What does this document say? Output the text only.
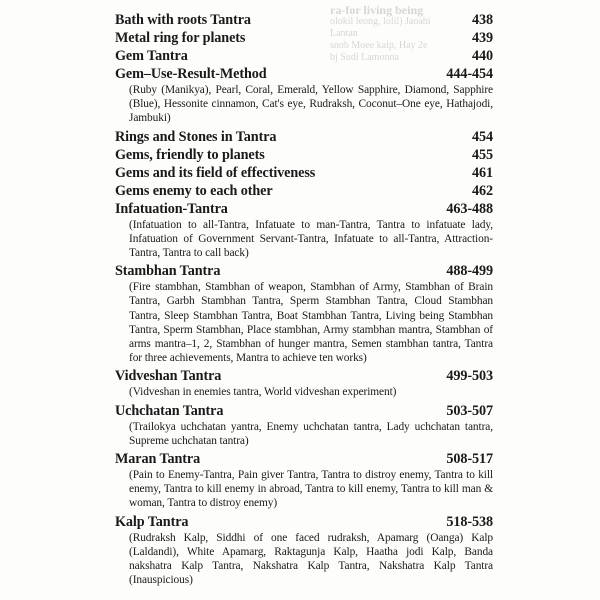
ra-for living being
olokil leong, lolil) Jaoahi Lantan
snob Moee kaip, Hay 2e
bj Sudi Lamonna
Bath with roots Tantra	438
Metal ring for planets	439
Gem Tantra	440
Gem–Use-Result-Method	444-454
(Ruby (Manikya), Pearl, Coral, Emerald, Yellow Sapphire, Diamond, Sapphire (Blue), Hessonite cinnamon, Cat's eye, Rudraksh, Coconut–One eye, Hathajodi, Jambuki)
Rings and Stones in Tantra	454
Gems, friendly to planets	455
Gems and its field of effectiveness	461
Gems enemy to each other	462
Infatuation-Tantra	463-488
(Infatuation to all-Tantra, Infatuate to man-Tantra, Tantra to infatuate lady, Infatuation of Government Servant-Tantra, Infatuate to all-Tantra, Attraction-Tantra, Tantra to call back)
Stambhan Tantra	488-499
(Fire stambhan, Stambhan of weapon, Stambhan of Army, Stambhan of Brain Tantra, Garbh Stambhan Tantra, Sperm Stambhan Tantra, Cloud Stambhan Tantra, Sleep Stambhan Tantra, Boat Stambhan Tantra, Living being Stambhan Tantra, Sperm Stambhan, Place stambhan, Army stambhan mantra, Stambhan of arms mantra–1, 2, Stambhan of hunger mantra, Semen stambhan tantra, Tantra for three achievements, Mantra to achieve ten works)
Vidveshan Tantra	499-503
(Vidveshan in enemies tantra, World vidveshan experiment)
Uchchatan Tantra	503-507
(Trailokya uchchatan yantra, Enemy uchchatan tantra, Lady uchchatan tantra, Supreme uchchatan tantra)
Maran Tantra	508-517
(Pain to Enemy-Tantra, Pain giver Tantra, Tantra to distroy enemy, Tantra to kill enemy, Tantra to kill enemy in abroad, Tantra to kill enemy, Tantra to kill man & woman, Tantra to distroy enemy)
Kalp Tantra	518-538
(Rudraksh Kalp, Siddhi of one faced rudraksh, Apamarg (Oanga) Kalp (Laldandi), White Apamarg, Raktagunja Kalp, Haatha jodi Kalp, Banda nakshatra Kalp Tantra, Nakshatra Kalp Tantra, Nakshatra Kalp Tantra (Inauspicious)
